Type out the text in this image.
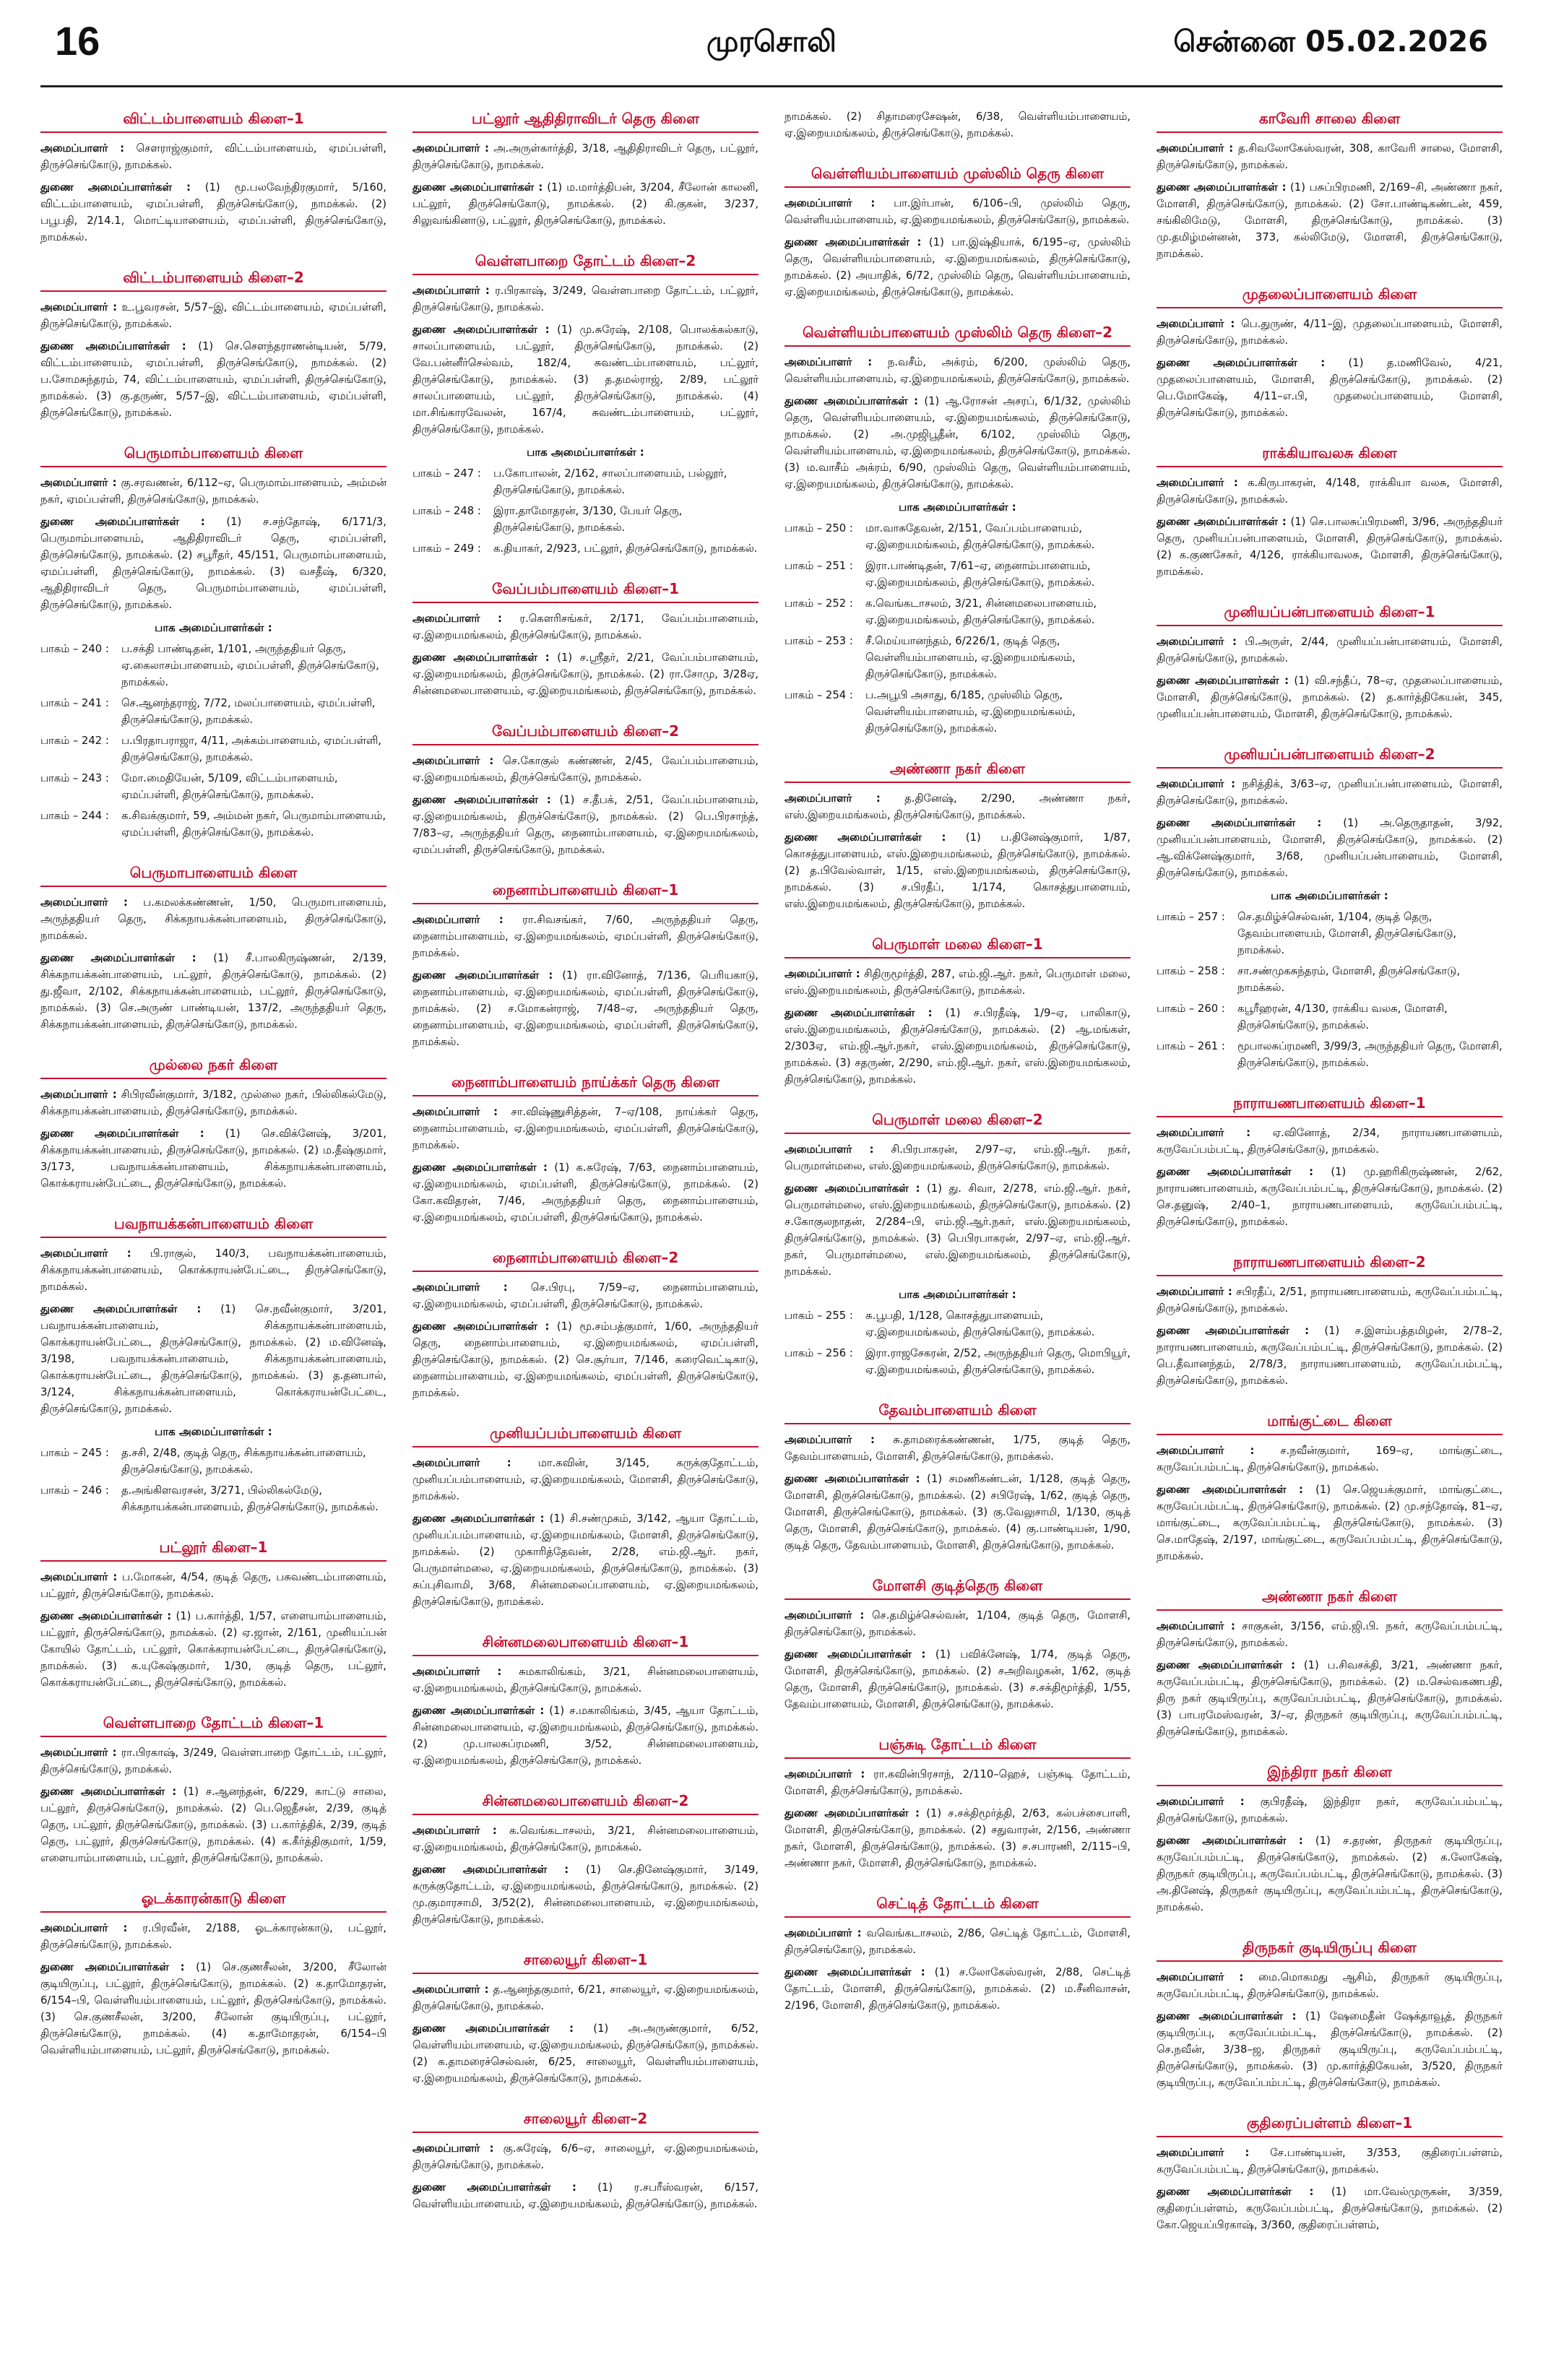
16	முரசொலி	சென்னை 05.02.2026
விட்டம்பாளையம் கிளை–1

அமைப்பாளர் : சௌராஜ்குமார், விட்டம்பாளையம், ஏமப்பள்ளி, திருச்செங்கோடு, நாமக்கல்.

துணை அமைப்பாளர்கள் : (1) மூ.பலவேந்திரகுமார், 5/160, விட்டம்பாளையம், ஏமப்பள்ளி, திருச்செங்கோடு, நாமக்கல். (2) பபூபதி, 2/14.1, மொட்டியாளையம், ஏமப்பள்ளி, திருச்செங்கோடு, நாமக்கல்.

விட்டம்பாளையம் கிளை–2

அமைப்பாளர் : உ.பூவரசன், 5/57–இ, விட்டம்பாளையம், ஏமப்பள்ளி, திருச்செங்கோடு, நாமக்கல்.

துணை அமைப்பாளர்கள் : (1) செ.சௌந்தராணன்டியன், 5/79, விட்டம்பாளையம், ஏமப்பள்ளி, திருச்செங்கோடு, நாமக்கல். (2) ப.சோமசுந்தரம், 74, விட்டம்பாளையம், ஏமப்பள்ளி, திருச்செங்கோடு, நாமக்கல். (3) கு.தருண், 5/57–இ, விட்டம்பாளையம், ஏமப்பள்ளி, திருச்செங்கோடு, நாமக்கல்.

பெருமாம்பாளையம் கிளை

அமைப்பாளர் : கு.சரவணன், 6/112–ஏ, பெருமாம்பாளையம், அம்மன் நகர், ஏமப்பள்ளி, திருச்செங்கோடு, நாமக்கல்.

துணை அமைப்பாளர்கள் : (1) ச.சந்தோஷ், 6/171/3, பெருமாம்பாளையம், ஆதிதிராவிடர் தெரு, ஏமப்பள்ளி, திருச்செங்கோடு, நாமக்கல். (2) சபூரீதர், 45/151, பெருமாம்பாளையம், ஏமப்பள்ளி, திருச்செங்கோடு, நாமக்கல். (3) வசதீஷ், 6/320, ஆதிதிராவிடர் தெரு, பெருமாம்பாளையம், ஏமப்பள்ளி, திருச்செங்கோடு, நாமக்கல்.

பாக அமைப்பாளர்கள் :
பாகம் – 240 :	ப.சக்தி பாண்டிதன், 1/101, அருந்ததியர் தெரு, ஏ.கைலாசம்பாளையம், ஏமப்பள்ளி, திருச்செங்கோடு, நாமக்கல்.
பாகம் – 241 :	செ.ஆனந்தராஜ், 7/72, மலப்பாளையம், ஏமப்பள்ளி, திருச்செங்கோடு, நாமக்கல்.
பாகம் – 242 :	ப.பிரதாபராஜா, 4/11, அக்கம்பாளையம், ஏமப்பள்ளி, திருச்செங்கோடு, நாமக்கல்.
பாகம் – 243 :	மோ.மைதியேன், 5/109, விட்டம்பாளையம், ஏமப்பள்ளி, திருச்செங்கோடு, நாமக்கல்.
பாகம் – 244 :	க.சிவக்குமார், 59, அம்மன் நகர், பெருமாம்பாளையம், ஏமப்பள்ளி, திருச்செங்கோடு, நாமக்கல்.
பெருமாபாளையம் கிளை

அமைப்பாளர் : ப.கமலக்கண்ணன், 1/50, பெருமாபாளையம், அருந்ததியர் தெரு, சிக்கநாயக்கன்பாளையம், திருச்செங்கோடு, நாமக்கல்.

துணை அமைப்பாளர்கள் : (1) சீ.பாலகிருஷ்ணன், 2/139, சிக்கநாயக்கன்பாளையம், பட்லூர், திருச்செங்கோடு, நாமக்கல். (2) து.ஜீவா, 2/102, சிக்கநாயக்கன்பாளையம், பட்லூர், திருச்செங்கோடு, நாமக்கல். (3) செ.அருண் பாண்டியன், 137/2, அருந்ததியர் தெரு, சிக்கநாயக்கன்பாளையம், திருச்செங்கோடு, நாமக்கல்.

முல்லை நகர் கிளை

அமைப்பாளர் : சிபிரவீன்குமார், 3/182, முல்லை நகர், பில்லிகல்மேடு, சிக்கநாயக்கன்பாளையம், திருச்செங்கோடு, நாமக்கல்.

துணை அமைப்பாளர்கள் : (1) செ.விக்னேஷ், 3/201, சிக்கநாயக்கன்பாளையம், திருச்செங்கோடு, நாமக்கல். (2) ம.தீஷ்குமார், 3/173, பவநாயக்கன்பாளையம், சிக்கநாயக்கன்பாளையம், கொக்கராயன்பேட்டை, திருச்செங்கோடு, நாமக்கல்.

பவநாயக்கன்பாளையம் கிளை

அமைப்பாளர் : பி.ராகுல், 140/3, பவநாயக்கன்பாளையம், சிக்கநாயக்கன்பாளையம், கொக்கராயன்பேட்டை, திருச்செங்கோடு, நாமக்கல்.

துணை அமைப்பாளர்கள் : (1) செ.நவீன்குமார், 3/201, பவநாயக்கன்பாளையம், சிக்கநாயக்கன்பாளையம், கொக்கராயன்பேட்டை, திருச்செங்கோடு, நாமக்கல். (2) ம.வினேஷ், 3/198, பவநாயக்கன்பாளையம், சிக்கநாயக்கன்பாளையம், கொக்கராயன்பேட்டை, திருச்செங்கோடு, நாமக்கல். (3) த.தனபால், 3/124, சிக்கநாயக்கன்பாளையம், கொக்கராயன்பேட்டை, திருச்செங்கோடு, நாமக்கல்.

பாக அமைப்பாளர்கள் :
பாகம் – 245 :	த.சசி, 2/48, குடித் தெரு, சிக்கநாயக்கன்பாளையம், திருச்செங்கோடு, நாமக்கல்.
பாகம் – 246 :	த.அங்கிளவரசன், 3/271, பில்லிகல்மேடு, சிக்கநாயக்கன்பாளையம், திருச்செங்கோடு, நாமக்கல்.
பட்லூர் கிளை–1

அமைப்பாளர் : ப.மோகன், 4/54, குடித் தெரு, பசுவண்டம்பாளையம், பட்லூர், திருச்செங்கோடு, நாமக்கல்.

துணை அமைப்பாளர்கள் : (1) ப.கார்த்தி, 1/57, எளையாம்பாளையம், பட்லூர், திருச்செங்கோடு, நாமக்கல். (2) ஏ.ஜான், 2/161, முனியப்பன் கோயில் தோட்டம், பட்லூர், கொக்கராயன்பேட்டை, திருச்செங்கோடு, நாமக்கல். (3) க.யுகேஷ்குமார், 1/30, குடித் தெரு, பட்லூர், கொக்கராயன்பேட்டை, திருச்செங்கோடு, நாமக்கல்.

வெள்ளபாறை தோட்டம் கிளை–1

அமைப்பாளர் : ரா.பிரகாஷ், 3/249, வெள்ளபாறை தோட்டம், பட்லூர், திருச்செங்கோடு, நாமக்கல்.

துணை அமைப்பாளர்கள் : (1) ச.ஆனந்தன், 6/229, காட்டு சாலை, பட்லூர், திருச்செங்கோடு, நாமக்கல். (2) பெ.ஜெதீசன், 2/39, குடித் தெரு, பட்லூர், திருச்செங்கோடு, நாமக்கல். (3) ப.கார்த்திக், 2/39, குடித் தெரு, பட்லூர், திருச்செங்கோடு, நாமக்கல். (4) க.கீர்த்திகுமார், 1/59, எளையாம்பாளையம், பட்லூர், திருச்செங்கோடு, நாமக்கல்.

ஓடக்காரன்காடு கிளை

அமைப்பாளர் : ர.பிரவீன், 2/188, ஓடக்காரன்காடு, பட்லூர், திருச்செங்கோடு, நாமக்கல்.

துணை அமைப்பாளர்கள் : (1) செ.குணசீலன், 3/200, சீலோன் குடியிருப்பு, பட்லூர், திருச்செங்கோடு, நாமக்கல். (2) க.தாமோதரன், 6/154–பி, வெள்ளியம்பாளையம், பட்லூர், திருச்செங்கோடு, நாமக்கல். (3) செ.குணசீலன், 3/200, சீலோன் குடியிருப்பு, பட்லூர், திருச்செங்கோடு, நாமக்கல். (4) க.தாமோதரன், 6/154–பி வெள்ளியம்பாளையம், பட்லூர், திருச்செங்கோடு, நாமக்கல்.

பட்லூர் ஆதிதிராவிடர் தெரு கிளை

அமைப்பாளர் : அ.அருள்கார்த்தி, 3/18, ஆதிதிராவிடர் தெரு, பட்லூர், திருச்செங்கோடு, நாமக்கல்.

துணை அமைப்பாளர்கள் : (1) ம.மார்த்திபன், 3/204, சீலோன் காலனி, பட்லூர், திருச்செங்கோடு, நாமக்கல். (2) கி.குகன், 3/237, சிலுவங்கினாடு, பட்லூர், திருச்செங்கோடு, நாமக்கல்.

வெள்ளபாறை தோட்டம் கிளை–2

அமைப்பாளர் : ர.பிரகாஷ், 3/249, வெள்ளபாறை தோட்டம், பட்லூர், திருச்செங்கோடு, நாமக்கல்.

துணை அமைப்பாளர்கள் : (1) மு.சுரேஷ், 2/108, பொலக்கல்காடு, சாலப்பாளையம், பட்லூர், திருச்செங்கோடு, நாமக்கல். (2) வே.பன்னீர்செல்வம், 182/4, சுவண்டம்பாளையம், பட்லூர், திருச்செங்கோடு, நாமக்கல். (3) த.தமல்ராஜ், 2/89, பட்லூர் சாலப்பாளையம், பட்லூர், திருச்செங்கோடு, நாமக்கல். (4) மா.சிங்காரவேலன், 167/4, சுவண்டம்பாளையம், பட்லூர், திருச்செங்கோடு, நாமக்கல்.

பாக அமைப்பாளர்கள் :
பாகம் – 247 :	ப.கோபாலன், 2/162, சாலப்பாளையம், பல்லூர், திருச்செங்கோடு, நாமக்கல்.
பாகம் – 248 :	இரா.தாமோதரன், 3/130, பேயர் தெரு, திருச்செங்கோடு, நாமக்கல்.
பாகம் – 249 :	க.தியாகர், 2/923, பட்லூர், திருச்செங்கோடு, நாமக்கல்.
வேப்பம்பாளையம் கிளை–1

அமைப்பாளர் : ர.கௌரிசங்கர், 2/171, வேப்பம்பாளையம், ஏ.இறையமங்கலம், திருச்செங்கோடு, நாமக்கல்.

துணை அமைப்பாளர்கள் : (1) ச.ஸ்ரீதர், 2/21, வேப்பம்பாளையம், ஏ.இறையமங்கலம், திருச்செங்கோடு, நாமக்கல். (2) ரா.சோமு, 3/28ஏ, சின்னமலைபாளையம், ஏ.இறையமங்கலம், திருச்செங்கோடு, நாமக்கல்.

வேப்பம்பாளையம் கிளை–2

அமைப்பாளர் : செ.கோகுல் கண்ணன், 2/45, வேப்பம்பாளையம், ஏ.இறையமங்கலம், திருச்செங்கோடு, நாமக்கல்.

துணை அமைப்பாளர்கள் : (1) ச.தீபக், 2/51, வேப்பம்பாளையம், ஏ.இறையமங்கலம், திருச்செங்கோடு, நாமக்கல். (2) பெ.பிரசாந்த், 7/83–ஏ, அருந்ததியர் தெரு, நைனாம்பாளையம், ஏ.இறையமங்கலம், ஏமப்பள்ளி, திருச்செங்கோடு, நாமக்கல்.

நைனாம்பாளையம் கிளை–1

அமைப்பாளர் : ரா.சிவசங்கர், 7/60, அருந்ததியர் தெரு, நைனாம்பாளையம், ஏ.இறையமங்கலம், ஏமப்பள்ளி, திருச்செங்கோடு, நாமக்கல்.

துணை அமைப்பாளர்கள் : (1) ரா.வினோத், 7/136, பெரியகாடு, நைனாம்பாளையம், ஏ.இறையமங்கலம், ஏமப்பள்ளி, திருச்செங்கோடு, நாமக்கல். (2) ச.மோகன்ராஜ், 7/48–ஏ, அருந்ததியர் தெரு, நைனாம்பாளையம், ஏ.இறையமங்கலம், ஏமப்பள்ளி, திருச்செங்கோடு, நாமக்கல்.

நைனாம்பாளையம் நாய்க்கர் தெரு கிளை

அமைப்பாளர் : சா.விஷ்ணுசித்தன், 7–ஏ/108, நாய்க்கர் தெரு, நைனாம்பாளையம், ஏ.இறையமங்கலம், ஏமப்பள்ளி, திருச்செங்கோடு, நாமக்கல்.

துணை அமைப்பாளர்கள் : (1) க.சுரேஷ், 7/63, நைனாம்பாளையம், ஏ.இறையமங்கலம், ஏமப்பள்ளி, திருச்செங்கோடு, நாமக்கல். (2) கோ.கவிதரன், 7/46, அருந்ததியர் தெரு, நைனாம்பாளையம், ஏ.இறையமங்கலம், ஏமப்பள்ளி, திருச்செங்கோடு, நாமக்கல்.

நைனாம்பாளையம் கிளை–2

அமைப்பாளர் : செ.பிரபு, 7/59–ஏ, நைனாம்பாளையம், ஏ.இறையமங்கலம், ஏமப்பள்ளி, திருச்செங்கோடு, நாமக்கல்.

துணை அமைப்பாளர்கள் : (1) மூ.சம்பத்குமார், 1/60, அருந்ததியர் தெரு, நைனாம்பாளையம், ஏ.இறையமங்கலம், ஏமப்பள்ளி, திருச்செங்கோடு, நாமக்கல். (2) செ.சூர்யா, 7/146, கரைவெட்டிகாடு, நைனாம்பாளையம், ஏ.இறையமங்கலம், ஏமப்பள்ளி, திருச்செங்கோடு, நாமக்கல்.

முனியப்பம்பாளையம் கிளை

அமைப்பாளர் :	மா.கவின், 3/145, கருக்குதோட்டம், முனியப்பம்பாளையம், ஏ.இறையமங்கலம், மோளசி, திருச்செங்கோடு, நாமக்கல்.

துணை அமைப்பாளர்கள் : (1) சி.சண்முகம், 3/142, ஆயா தோட்டம், முனியப்பம்பாளையம், ஏ.இறையமங்கலம், மோளசி, திருச்செங்கோடு, நாமக்கல். (2) முகாரித்தேவன், 2/28, எம்.ஜி.ஆர். நகர், பெருமாள்மலை, ஏ.இறையமங்கலம், திருச்செங்கோடு, நாமக்கல். (3) சுப்புசிவாமி, 3/68, சின்னமலைப்பாளையம், ஏ.இறையமங்கலம், திருச்செங்கோடு, நாமக்கல்.

சின்னமலைபாளையம் கிளை–1

அமைப்பாளர் : சுமகாலிங்கம், 3/21, சின்னமலைபாளையம், ஏ.இறையமங்கலம், திருச்செங்கோடு, நாமக்கல்.

துணை அமைப்பாளர்கள் : (1) ச.மகாலிங்கம், 3/45, ஆயா தோட்டம், சின்னமலைபாளையம், ஏ.இறையமங்கலம், திருச்செங்கோடு, நாமக்கல். (2) மு.பாலசுப்ரமணி, 3/52, சின்னமலைபாளையம், ஏ.இறையமங்கலம், திருச்செங்கோடு, நாமக்கல்.

சின்னமலைபாளையம் கிளை–2

அமைப்பாளர் : க.வெங்கடாசலம், 3/21, சின்னமலைபாளையம், ஏ.இறையமங்கலம், திருச்செங்கோடு, நாமக்கல்.

துணை அமைப்பாளர்கள் : (1) செ.தினேஷ்குமார், 3/149, கருக்குதோட்டம், ஏ.இறையமங்கலம், திருச்செங்கோடு, நாமக்கல். (2) மு.குமாரசாமி, 3/52(2), சின்னமலைபாளையம், ஏ.இறையமங்கலம், திருச்செங்கோடு, நாமக்கல்.

சாலையூர் கிளை–1

அமைப்பாளர் : த.ஆனந்தகுமார், 6/21, சாலையூர், ஏ.இறையமங்கலம், திருச்செங்கோடு, நாமக்கல்.

துணை அமைப்பாளர்கள் : (1) அ.அருண்குமார், 6/52, வெள்ளியம்பாளையம், ஏ.இறையமங்கலம், திருச்செங்கோடு, நாமக்கல். (2) க.தாமரைச்செல்வன், 6/25, சாலையூர், வெள்ளியம்பாளையம், ஏ.இறையமங்கலம், திருச்செங்கோடு, நாமக்கல்.

சாலையூர் கிளை–2

அமைப்பாளர் : கு.சுரேஷ், 6/6–ஏ, சாலையூர், ஏ.இறையமங்கலம், திருச்செங்கோடு, நாமக்கல்.

துணை அமைப்பாளர்கள் : (1) ர.சபரீஸ்வரன், 6/157, வெள்ளியம்பாளையம், ஏ.இறையமங்கலம், திருச்செங்கோடு, நாமக்கல்.

நாமக்கல். (2) சிதாமரைசேஷன், 6/38, வெள்ளியம்பாளையம், ஏ.இறையமங்கலம், திருச்செங்கோடு, நாமக்கல்.

வெள்ளியம்பாளையம் முஸ்லிம் தெரு கிளை

அமைப்பாளர் : பா.இர்பான், 6/106–பி, முஸ்லிம் தெரு, வெள்ளியம்பாளையம், ஏ.இறையமங்கலம், திருச்செங்கோடு, நாமக்கல்.

துணை அமைப்பாளர்கள் : (1) பா.இஷ்தியாக், 6/195–ஏ, முஸ்லிம் தெரு, வெள்ளியம்பாளையம், ஏ.இறையமங்கலம், திருச்செங்கோடு, நாமக்கல். (2) அயாதிக், 6/72, முஸ்லிம் தெரு, வெள்ளியம்பாளையம், ஏ.இறையமங்கலம், திருச்செங்கோடு, நாமக்கல்.

வெள்ளியம்பாளையம் முஸ்லிம் தெரு கிளை–2

அமைப்பாளர் : ந.வசீம், அக்ரம், 6/200, முஸ்லிம் தெரு, வெள்ளியம்பாளையம், ஏ.இறையமங்கலம், திருச்செங்கோடு, நாமக்கல்.

துணை அமைப்பாளர்கள் : (1) ஆ.ரோசன் அசரப், 6/1/32, முஸ்லிம் தெரு, வெள்ளியம்பாளையம், ஏ.இறையமங்கலம், திருச்செங்கோடு, நாமக்கல். (2) அ.முஜிபூதீன், 6/102, முஸ்லிம் தெரு, வெள்ளியம்பாளையம், ஏ.இறையமங்கலம், திருச்செங்கோடு, நாமக்கல். (3) ம.வாசீம் அக்ரம், 6/90, முஸ்லிம் தெரு, வெள்ளியம்பாளையம், ஏ.இறையமங்கலம், திருச்செங்கோடு, நாமக்கல்.

பாக அமைப்பாளர்கள் :
பாகம் – 250 :	மா.வாசுதேவன், 2/151, வேப்பம்பாளையம், ஏ.இறையமங்கலம், திருச்செங்கோடு, நாமக்கல்.
பாகம் – 251 :	இரா.பாண்டிதன், 7/61–ஏ, நைனாம்பாளையம், ஏ.இறையமங்கலம், திருச்செங்கோடு, நாமக்கல்.
பாகம் – 252 :	க.வெங்கடாசலம், 3/21, சின்னமலைபாளையம், ஏ.இறையமங்கலம், திருச்செங்கோடு, நாமக்கல்.
பாகம் – 253 :	சீ.மெய்யானந்தம், 6/226/1, குடித் தெரு, வெள்ளியம்பாளையம், ஏ.இறையமங்கலம், திருச்செங்கோடு, நாமக்கல்.
பாகம் – 254 :	ப.அபூபி அசாது, 6/185, முஸ்லிம் தெரு, வெள்ளியம்பாளையம், ஏ.இறையமங்கலம், திருச்செங்கோடு, நாமக்கல்.
அண்ணா நகர் கிளை

அமைப்பாளர் : த.தினேஷ், 2/290, அண்ணா நகர், எஸ்.இறையமங்கலம், திருச்செங்கோடு, நாமக்கல்.

துணை அமைப்பாளர்கள் : (1) ப.தினேஷ்குமார், 1/87, கொசத்துபாளையம், எஸ்.இறையமங்கலம், திருச்செங்கோடு, நாமக்கல். (2) த.பிவேல்வாள், 1/15, எஸ்.இறையமங்கலம், திருச்செங்கோடு, நாமக்கல். (3) ச.பிரதீப், 1/174, கொசத்துபாளையம், எஸ்.இறையமங்கலம், திருச்செங்கோடு, நாமக்கல்.

பெருமாள் மலை கிளை–1

அமைப்பாளர் : சிதிருமூர்த்தி, 287, எம்.ஜி.ஆர். நகர், பெருமாள் மலை, எஸ்.இறையமங்கலம், திருச்செங்கோடு, நாமக்கல்.

துணை அமைப்பாளர்கள் : (1) ச.பிரதீஷ், 1/9–ஏ, பாலிகாடு, எஸ்.இறையமங்கலம், திருச்செங்கோடு, நாமக்கல். (2) ஆ.மங்கள், 2/303ஏ, எம்.ஜி.ஆர்.நகர், எஸ்.இறையமங்கலம், திருச்செங்கோடு, நாமக்கல். (3) சதருண், 2/290, எம்.ஜி.ஆர். நகர், எஸ்.இறையமங்கலம், திருச்செங்கோடு, நாமக்கல்.

பெருமாள் மலை கிளை–2

அமைப்பாளர் : சி.பிரபாகரன், 2/97–ஏ, எம்.ஜி.ஆர். நகர், பெருமாள்மலை, எஸ்.இறையமங்கலம், திருச்செங்கோடு, நாமக்கல்.

துணை அமைப்பாளர்கள் : (1) து. சிவா, 2/278, எம்.ஜி.ஆர். நகர், பெருமாள்மலை, எஸ்.இறையமங்கலம், திருச்செங்கோடு, நாமக்கல். (2) ச.கோகுலநாதன், 2/284–பி, எம்.ஜி.ஆர்.நகர், எஸ்.இறையமங்கலம், திருச்செங்கோடு, நாமக்கல். (3) பெபிரபாகரன், 2/97–ஏ, எம்.ஜி.ஆர். நகர், பெருமாள்மலை, எஸ்.இறையமங்கலம், திருச்செங்கோடு, நாமக்கல்.

பாக அமைப்பாளர்கள் :
பாகம் – 255 :	சு.பூபதி, 1/128, கொசத்துபாளையம், ஏ.இறையமங்கலம், திருச்செங்கோடு, நாமக்கல்.
பாகம் – 256 :	இரா.ராஜசேகரன், 2/52, அருந்ததியர் தெரு, மொபியூர், ஏ.இறையமங்கலம், திருச்செங்கோடு, நாமக்கல்.
தேவம்பாளையம் கிளை

அமைப்பாளர் : சு.தாமரைக்கண்ணன், 1/75, குடித் தெரு, தேவம்பாளையம், மோளசி, திருச்செங்கோடு, நாமக்கல்.

துணை அமைப்பாளர்கள் : (1) சமணிகண்டன், 1/128, குடித் தெரு, மோளசி, திருச்செங்கோடு, நாமக்கல். (2) சபிரேஷ், 1/62, குடித் தெரு, மோளசி, திருச்செங்கோடு, நாமக்கல். (3) கு.வேலுசாமி, 1/130, குடித் தெரு, மோளசி, திருச்செங்கோடு, நாமக்கல். (4) கு.பாண்டியன், 1/90, குடித் தெரு, தேவம்பாளையம், மோளசி, திருச்செங்கோடு, நாமக்கல்.

மோளசி குடித்தெரு கிளை

அமைப்பாளர் : செ.தமிழ்ச்செல்வன், 1/104, குடித் தெரு, மோளசி, திருச்செங்கோடு, நாமக்கல்.

துணை அமைப்பாளர்கள் : (1) பவிக்னேஷ், 1/74, குடித் தெரு, மோளசி, திருச்செங்கோடு, நாமக்கல். (2) சஅறிவழகன், 1/62, குடித் தெரு, மோளசி, திருச்செங்கோடு, நாமக்கல். (3) ச.சக்திமூர்த்தி, 1/55, தேவம்பாளையம், மோளசி, திருச்செங்கோடு, நாமக்கல்.

பஞ்சுடி தோட்டம் கிளை

அமைப்பாளர் : ரா.கவின்பிரசாந், 2/110–ஹெச், பஞ்சுடி தோட்டம், மோளசி, திருச்செங்கோடு, நாமக்கல்.

துணை அமைப்பாளர்கள் : (1) ச.சக்திமூர்த்தி, 2/63, கல்பச்சைபாளி, மோளசி, திருச்செங்கோடு, நாமக்கல். (2) சதுவாரன், 2/156, அண்ணா நகர், மோளசி, திருச்செங்கோடு, நாமக்கல். (3) ச.சபாரணி, 2/115–பி, அண்ணா நகர், மோளசி, திருச்செங்கோடு, நாமக்கல்.

செட்டித் தோட்டம் கிளை

அமைப்பாளர் : வவெங்கடாசலம், 2/86, செட்டித் தோட்டம், மோளசி, திருச்செங்கோடு, நாமக்கல்.

துணை அமைப்பாளர்கள் : (1) ச.லோகேஸ்வரன், 2/88, செட்டித் தோட்டம், மோளசி, திருச்செங்கோடு, நாமக்கல். (2) ம.சீனிவாசன், 2/196, மோளசி, திருச்செங்கோடு, நாமக்கல்.

காவேரி சாலை கிளை

அமைப்பாளர் : த.சிவலோகேஸ்வரன், 308, காவேரி சாலை, மோளசி, திருச்செங்கோடு, நாமக்கல்.

துணை அமைப்பாளர்கள் : (1) பசுப்பிரமணி, 2/169–சி, அண்ணா நகர், மோளசி, திருச்செங்கோடு, நாமக்கல். (2) சோ.பாண்டிகண்டன், 459, சங்கிலிமேடு, மோளசி, திருச்செங்கோடு, நாமக்கல். (3) மு.தமிழ்மன்னன், 373, கல்லிமேடு, மோளசி, திருச்செங்கோடு, நாமக்கல்.

முதலைப்பாளையம் கிளை

அமைப்பாளர் : பெ.துருண், 4/11–இ, முதலைப்பாளையம், மோளசி, திருச்செங்கோடு, நாமக்கல்.

துணை அமைப்பாளர்கள் : (1) த.மணிவேல், 4/21, முதலைப்பாளையம், மோளசி, திருச்செங்கோடு, நாமக்கல். (2) பெ.மோகேஷ், 4/11–எ.பி, முதலைப்பாளையம், மோளசி, திருச்செங்கோடு, நாமக்கல்.

ராக்கியாவலசு கிளை

அமைப்பாளர் : க.கிருபாகரன், 4/148, ராக்கியா வலசு, மோளசி, திருச்செங்கோடு, நாமக்கல்.

துணை அமைப்பாளர்கள் : (1) செ.பாலசுப்பிரமணி, 3/96, அருந்ததியர் தெரு, முனியப்பன்பாளையம், மோளசி, திருச்செங்கோடு, நாமக்கல். (2) க.குணசேகர், 4/126, ராக்கியாவலசு, மோளசி, திருச்செங்கோடு, நாமக்கல்.

முனியப்பன்பாளையம் கிளை–1

அமைப்பாளர் : பி.அருள், 2/44, முனியப்பன்பாளையம், மோளசி, திருச்செங்கோடு, நாமக்கல்.

துணை அமைப்பாளர்கள் : (1) வி.சந்தீப், 78–ஏ, முதலைப்பாளையம், மோளசி, திருச்செங்கோடு, நாமக்கல். (2) த.கார்த்திகேயன், 345, முனியப்பன்பாளையம், மோளசி, திருச்செங்கோடு, நாமக்கல்.

முனியப்பன்பாளையம் கிளை–2

அமைப்பாளர் : நசித்திக், 3/63–ஏ, முனியப்பன்பாளையம், மோளசி, திருச்செங்கோடு, நாமக்கல்.

துணை அமைப்பாளர்கள் : (1) அ.தெருதாதன், 3/92, முனியப்பன்பாளையம், மோளசி, திருச்செங்கோடு, நாமக்கல். (2) ஆ.விக்னேஷ்குமார், 3/68, முனியப்பன்பாளையம், மோளசி, திருச்செங்கோடு, நாமக்கல்.

பாக அமைப்பாளர்கள் :
பாகம் – 257 :	செ.தமிழ்ச்செல்வன், 1/104, குடித் தெரு, தேவம்பாளையம், மோளசி, திருச்செங்கோடு, நாமக்கல்.
பாகம் – 258 :	சா.சண்முகசுந்தரம், மோளசி, திருச்செங்கோடு, நாமக்கல்.
பாகம் – 260 :	கபூரீஹரன், 4/130, ராக்கிய வலசு, மோளசி, திருச்செங்கோடு, நாமக்கல்.
பாகம் – 261 :	மூபாலசுப்ரமணி, 3/99/3, அருந்ததியர் தெரு, மோளசி, திருச்செங்கோடு, நாமக்கல்.
நாராயணபாளையம் கிளை–1

அமைப்பாளர் : ஏ.வினோத், 2/34, நாராயணபாளையம், கருவேப்பம்பட்டி, திருச்செங்கோடு, நாமக்கல்.

துணை அமைப்பாளர்கள் : (1) மு.ஹரிகிருஷ்ணன், 2/62, நாராயணபாளையம், கருவேப்பம்பட்டி, திருச்செங்கோடு, நாமக்கல். (2) செ.தனுஷ், 2/40–1, நாராயணபாளையம், கருவேப்பம்பட்டி, திருச்செங்கோடு, நாமக்கல்.

நாராயணபாளையம் கிளை–2

அமைப்பாளர் : சபிரதீப், 2/51, நாராயணபாளையம், கருவேப்பம்பட்டி, திருச்செங்கோடு, நாமக்கல்.

துணை அமைப்பாளர்கள் : (1) ச.இளம்பத்தமிழன், 2/78–2, நாராயணபாளையம், கருவேப்பம்பட்டி, திருச்செங்கோடு, நாமக்கல். (2) பெ.தீவானந்தம், 2/78/3, நாராயணபாளையம், கருவேப்பம்பட்டி, திருச்செங்கோடு, நாமக்கல்.

மாங்குட்டை கிளை

அமைப்பாளர் : ச.நவீன்குமார், 169–ஏ, மாங்குட்டை, கருவேப்பம்பட்டி, திருச்செங்கோடு, நாமக்கல்.

துணை அமைப்பாளர்கள் : (1) செ.ஜெயக்குமார், மாங்குட்டை, கருவேப்பம்பட்டி, திருச்செங்கோடு, நாமக்கல். (2) மு.சந்தோஷ், 81–ஏ, மாங்குட்டை, கருவேப்பம்பட்டி, திருச்செங்கோடு, நாமக்கல். (3) செ.மாதேஷ், 2/197, மாங்குட்டை, கருவேப்பம்பட்டி, திருச்செங்கோடு, நாமக்கல்.

அண்ணா நகர் கிளை

அமைப்பாளர் : சாகுகன், 3/156, எம்.ஜி.பி. நகர், கருவேப்பம்பட்டி, திருச்செங்கோடு, நாமக்கல்.

துணை அமைப்பாளர்கள் : (1) ப.சிவசக்தி, 3/21, அண்ணா நகர், கருவேப்பம்பட்டி, திருச்செங்கோடு, நாமக்கல். (2) ம.செல்வகணபதி, திரு நகர் குடியிருப்பு, கருவேப்பம்பட்டி, திருச்செங்கோடு, நாமக்கல். (3) பாபரமேஸ்வரன், 3/–ஏ, திருநகர் குடியிருப்பு, கருவேப்பம்பட்டி, திருச்செங்கோடு, நாமக்கல்.

இந்திரா நகர் கிளை

அமைப்பாளர் : குபிரதீஷ், இந்திரா நகர், கருவேப்பம்பட்டி, திருச்செங்கோடு, நாமக்கல்.

துணை அமைப்பாளர்கள் : (1) ச.தரண், திருநகர் குடியிருப்பு, கருவேப்பம்பட்டி, திருச்செங்கோடு, நாமக்கல். (2) க.லோகேஷ், திருநகர் குடியிருப்பு, கருவேப்பம்பட்டி, திருச்செங்கோடு, நாமக்கல். (3) அ.தினேஷ், திருநகர் குடியிருப்பு, கருவேப்பம்பட்டி, திருச்செங்கோடு, நாமக்கல்.

திருநகர் குடியிருப்பு கிளை

அமைப்பாளர் : மை.மொகமது ஆசிம், திருநகர் குடியிருப்பு, கருவேப்பம்பட்டி, திருச்செங்கோடு, நாமக்கல்.

துணை அமைப்பாளர்கள் : (1) ஷேமைதீன் ஷேக்தாவூத், திருநகர் குடியிருப்பு, கருவேப்பம்பட்டி, திருச்செங்கோடு, நாமக்கல். (2) செ.நவீன், 3/38–ஜ, திருநகர் குடியிருப்பு, கருவேப்பம்பட்டி, திருச்செங்கோடு, நாமக்கல். (3) மு.கார்த்திகேயன், 3/520, திருநகர் குடியிருப்பு, கருவேப்பம்பட்டி, திருச்செங்கோடு, நாமக்கல்.

குதிரைப்பள்ளம் கிளை–1

அமைப்பாளர் : சே.பாண்டியன், 3/353, குதிரைப்பள்ளம், கருவேப்பம்பட்டி, திருச்செங்கோடு, நாமக்கல்.

துணை அமைப்பாளர்கள் : (1) மா.வேல்முருகன், 3/359, குதிரைப்பள்ளம், கருவேப்பம்பட்டி, திருச்செங்கோடு, நாமக்கல். (2) கோ.ஜெயப்பிரகாஷ், 3/360, குதிரைப்பள்ளம்,
